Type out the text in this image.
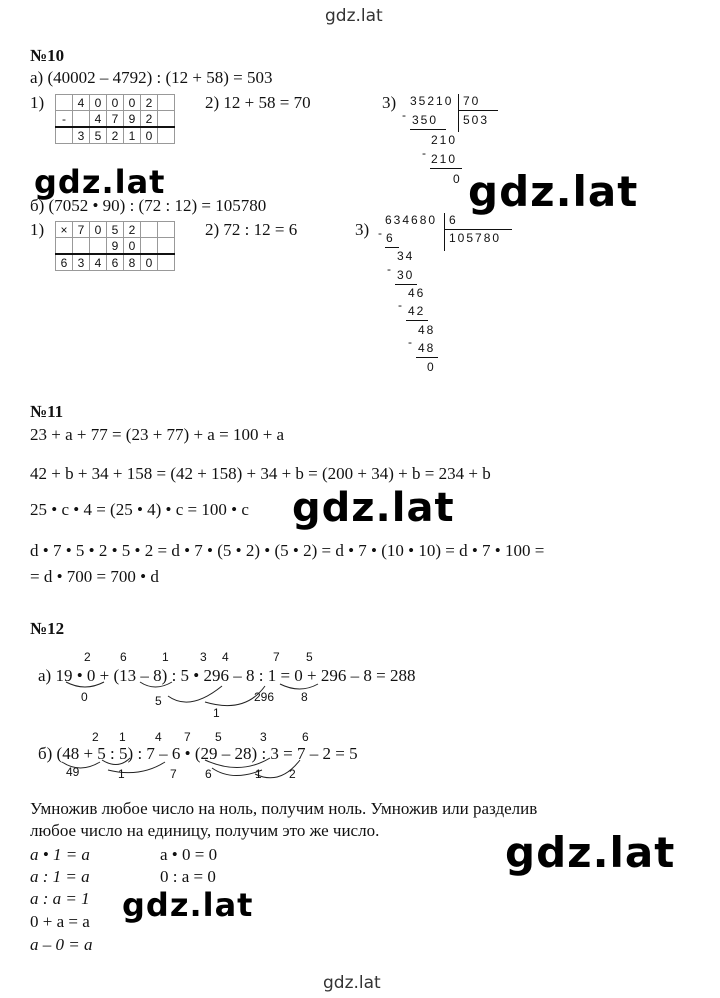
gdz.lat
gdz.lat
№10
а) (40002 – 4792) : (12 + 58) = 503
1)
		4	0	0	0	2	
-		4	7	9	2	
	3	5	2	1	0	
2) 12 + 58 = 70	3) 35210 70
503
- 350
210
- 210
0
gdz.lat	gdz.lat
б) (7052 • 90) : (72 : 12) = 105780
1) ×	7	0	5	2		
			9	0		
6	3	4	6	8	0	
2) 72 : 12 = 6	3) 634680 6
105780
- 6
34
- 30
46
- 42
48
- 48
0
№11
23 + a + 77 = (23 + 77) + a = 100 + a
42 + b + 34 + 158 = (42 + 158) + 34 + b = (200 + 34) + b = 234 + b
25 • c • 4 = (25 • 4) • c = 100 • c gdz.lat
d • 7 • 5 • 2 • 5 • 2 = d • 7 • (5 • 2) • (5 • 2) = d • 7 • (10 • 10) = d • 7 • 100 =
= d • 700 = 700 • d
№12
2 6	1	3 4	7 5
а) 19 • 0 + (13 – 8) : 5 • 296 – 8 : 1 = 0 + 296 – 8 = 288
0	5
1
296 8
2 1 4 7 5	3	6
б) (48 + 5 : 5) : 7 – 6 • (29 – 28) : 3 = 7 – 2 = 5
49	1	7 6	1 2
Умножив любое число на ноль, получим ноль. Умножив или разделив
любое число на единицу, получим это же число.
a • 1 = a
a : 1 = a
a : a = 1
0 + a = a
a – 0 = a
a • 0 = 0
0 : a = 0
gdz.lat
gdz.lat
